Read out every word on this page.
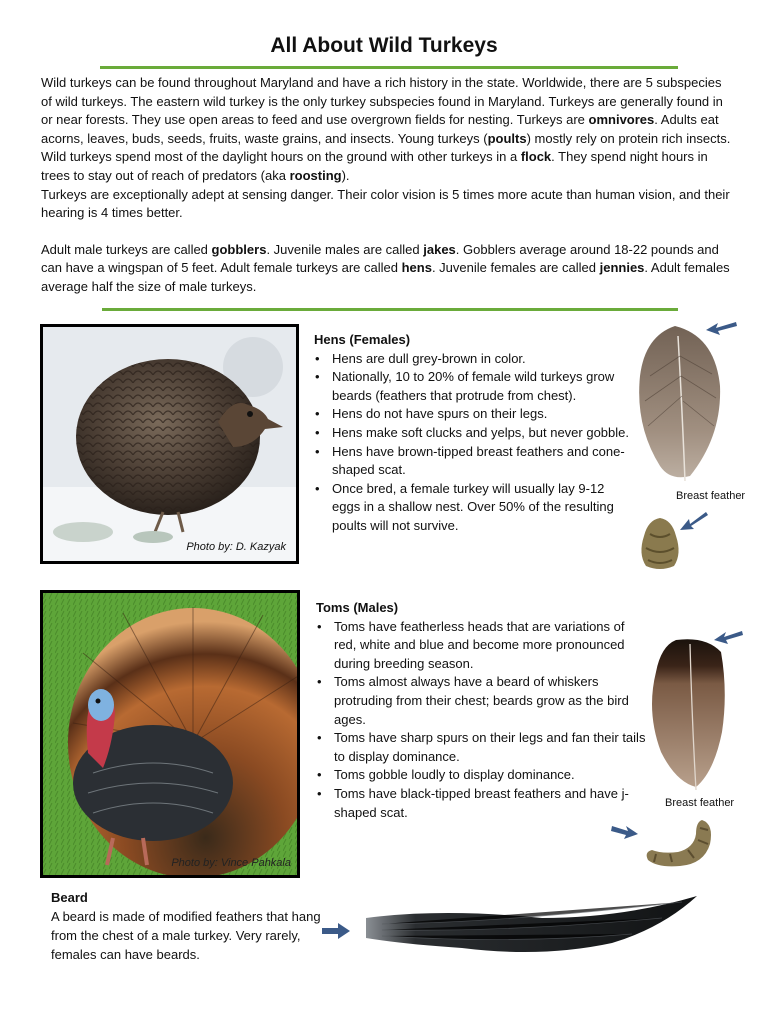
All About Wild Turkeys

Wild turkeys can be found throughout Maryland and have a rich history in the state. Worldwide, there are 5 subspecies of wild turkeys. The eastern wild turkey is the only turkey subspecies found in Maryland. Turkeys are generally found in or near forests. They use open areas to feed and use overgrown fields for nesting. Turkeys are omnivores. Adults eat acorns, leaves, buds, seeds, fruits, waste grains, and insects. Young turkeys (poults) mostly rely on protein rich insects. Wild turkeys spend most of the daylight hours on the ground with other turkeys in a flock. They spend night hours in trees to stay out of reach of predators (aka roosting).

Turkeys are exceptionally adept at sensing danger. Their color vision is 5 times more acute than human vision, and their hearing is 4 times better.

Adult male turkeys are called gobblers. Juvenile males are called jakes. Gobblers average around 18-22 pounds and can have a wingspan of 5 feet. Adult female turkeys are called hens. Juvenile females are called jennies. Adult females average half the size of male turkeys.

Photo by: D. Kazyak
Hens (Females)
• Hens are dull grey-brown in color.
• Nationally, 10 to 20% of female wild turkeys grow beards (feathers that protrude from chest).
• Hens do not have spurs on their legs.
• Hens make soft clucks and yelps, but never gobble.
• Hens have brown-tipped breast feathers and cone-shaped scat.
• Once bred, a female turkey will usually lay 9-12 eggs in a shallow nest. Over 50% of the resulting poults will not survive.
Breast feather
Photo by: Vince Pahkala
Toms (Males)
• Toms have featherless heads that are variations of red, white and blue and become more pronounced during breeding season.
• Toms almost always have a beard of whiskers protruding from their chest; beards grow as the bird ages.
• Toms have sharp spurs on their legs and fan their tails to display dominance.
• Toms gobble loudly to display dominance.
• Toms have black-tipped breast feathers and have j-shaped scat.
Breast feather
Beard

A beard is made of modified feathers that hang from the chest of a male turkey. Very rarely, females can have beards.
